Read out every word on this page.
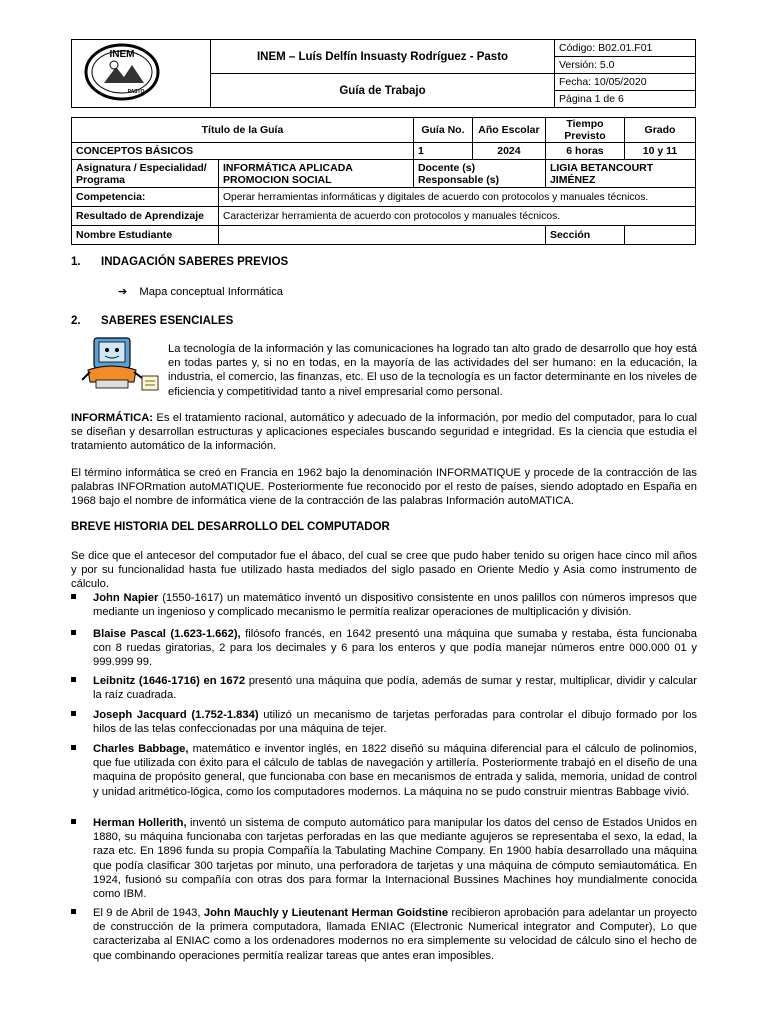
INEM
PASTO
	INEM – Luís Delfín Insuasty Rodríguez - Pasto	Código: B02.01.F01
		Versión: 5.0
	Guía de Trabajo	Fecha: 10/05/2020
		Página 1 de 6
Título de la Guía		Guía No.	Año Escolar	Tiempo Previsto	Grado
CONCEPTOS BÁSICOS		1	2024	6 horas	10 y 11
Asignatura / Especialidad/ Programa	INFORMÁTICA APLICADA PROMOCION SOCIAL	Docente (s) Responsable (s)		LIGIA BETANCOURT JIMÉNEZ	
Competencia:	Operar herramientas informáticas y digitales de acuerdo con protocolos y manuales técnicos.				
Resultado de Aprendizaje	Caracterizar herramienta de acuerdo con protocolos y manuales técnicos.				
Nombre Estudiante				Sección	
1. INDAGACIÓN SABERES PREVIOS
➔ Mapa conceptual Informática
2. SABERES ESENCIALES
La tecnología de la información y las comunicaciones ha logrado tan alto grado de desarrollo que hoy está en todas partes y, si no en todas, en la mayoría de las actividades del ser humano: en la educación, la industria, el comercio, las finanzas, etc. El uso de la tecnología es un factor determinante en los niveles de eficiencia y competitividad tanto a nivel empresarial como personal.
INFORMÁTICA: Es el tratamiento racional, automático y adecuado de la información, por medio del computador, para lo cual se diseñan y desarrollan estructuras y aplicaciones especiales buscando seguridad e integridad. Es la ciencia que estudia el tratamiento automático de la información.
El término informática se creó en Francia en 1962 bajo la denominación INFORMATIQUE y procede de la contracción de las palabras INFORmation autoMATIQUE. Posteriormente fue reconocido por el resto de países, siendo adoptado en España en 1968 bajo el nombre de informática viene de la contracción de las palabras Información autoMATICA.
BREVE HISTORIA DEL DESARROLLO DEL COMPUTADOR
Se dice que el antecesor del computador fue el ábaco, del cual se cree que pudo haber tenido su origen hace cinco mil años y por su funcionalidad hasta fue utilizado hasta mediados del siglo pasado en Oriente Medio y Asia como instrumento de cálculo.
John Napier (1550-1617) un matemático inventó un dispositivo consistente en unos palillos con números impresos que mediante un ingenioso y complicado mecanismo le permitía realizar operaciones de multiplicación y división.
Blaise Pascal (1.623-1.662), filósofo francés, en 1642 presentó una máquina que sumaba y restaba, ésta funcionaba con 8 ruedas giratorias, 2 para los decimales y 6 para los enteros y que podía manejar números entre 000.000 01 y 999.999 99.
Leibnitz (1646-1716) en 1672 presentó una máquina que podía, además de sumar y restar, multiplicar, dividir y calcular la raíz cuadrada.
Joseph Jacquard (1.752-1.834) utilizó un mecanismo de tarjetas perforadas para controlar el dibujo formado por los hilos de las telas confeccionadas por una máquina de tejer.
Charles Babbage, matemático e inventor inglés, en 1822 diseñó su máquina diferencial para el cálculo de polinomios, que fue utilizada con éxito para el cálculo de tablas de navegación y artillería. Posteriormente trabajó en el diseño de una maquina de propósito general, que funcionaba con base en mecanismos de entrada y salida, memoria, unidad de control y unidad aritmético-lógica, como los computadores modernos. La máquina no se pudo construir mientras Babbage vivió.
Herman Hollerith, inventó un sistema de computo automático para manipular los datos del censo de Estados Unidos en 1880, su máquina funcionaba con tarjetas perforadas en las que mediante agujeros se representaba el sexo, la edad, la raza etc. En 1896 funda su propia Compañía la Tabulating Machine Company. En 1900 había desarrollado una máquina que podía clasificar 300 tarjetas por minuto, una perforadora de tarjetas y una máquina de cómputo semiautomática. En 1924, fusionó su compañía con otras dos para formar la Internacional Bussines Machines hoy mundialmente conocida como IBM.
El 9 de Abril de 1943, John Mauchly y Lieutenant Herman Goidstine recibieron aprobación para adelantar un proyecto de construcción de la primera computadora, llamada ENIAC (Electronic Numerical integrator and Computer), Lo que caracterizaba al ENIAC como a los ordenadores modernos no era simplemente su velocidad de cálculo sino el hecho de que combinando operaciones permitía realizar tareas que antes eran imposibles.
